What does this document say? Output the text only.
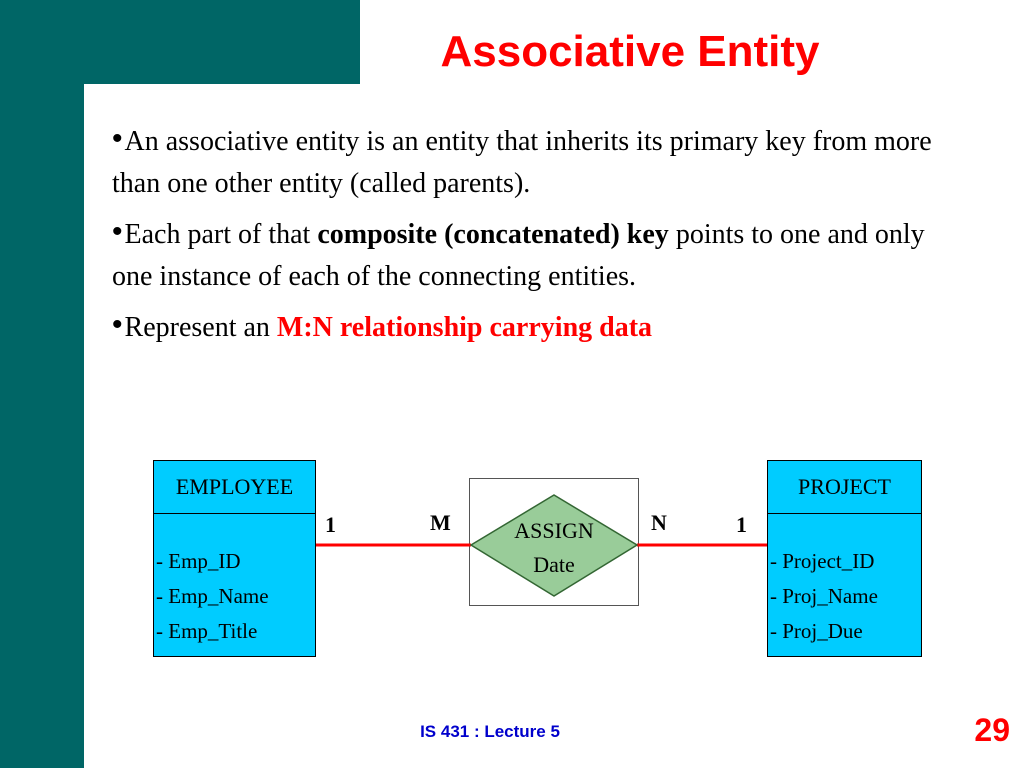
Associative Entity
•An associative entity is an entity that inherits its primary key from more than one other entity (called parents).
•Each part of that composite (concatenated) key points to one and only one instance of each of the connecting entities.
•Represent an M:N relationship carrying data
ASSIGN
Date
EMPLOYEE
- Emp_ID
- Emp_Name
- Emp_Title
PROJECT
- Project_ID
- Proj_Name
- Proj_Due
1	M	N	1
IS 431 : Lecture 5	29
